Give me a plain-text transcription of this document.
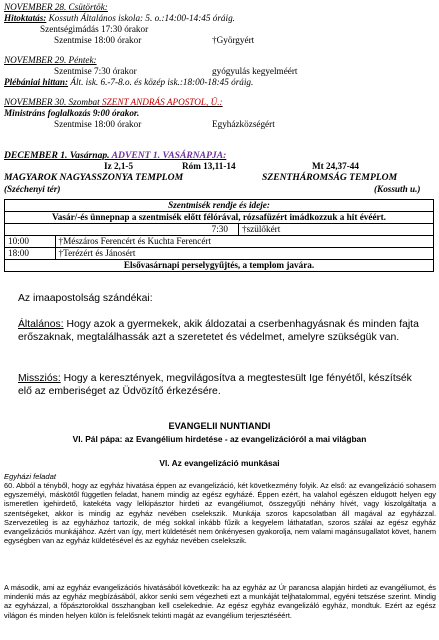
NOVEMBER 28. Csütörtök:
Hitoktatás: Kossuth Általános iskola: 5. o.:14:00-14:45 óráig.
Szentségimádás 17:30 órakor
Szentmise 18:00 órakor	†Györgyért
NOVEMBER 29. Péntek:
Szentmise 7:30 órakor	gyógyulás kegyelméért
Plébániai hittan: Ált. isk. 6.-7-8.o. és közép isk.:18:00-18:45 óráig.
NOVEMBER 30. Szombat SZENT ANDRÁS APOSTOL, Ü.:
Ministráns foglalkozás 9:00 órakor.
Szentmise 18:00 órakor	Egyházközségért
DECEMBER 1. Vasárnap. ADVENT 1. VASÁRNAPJA:
Iz 2,1-5	Róm 13,11-14	Mt 24,37-44
MAGYAROK NAGYASSZONYA TEMPLOM	SZENTHÁROMSÁG TEMPLOM
(Széchenyi tér)	(Kossuth u.)
Szentmisék rendje és ideje:		
Vasár/-és ünnepnap a szentmisék előtt félórával, rózsafüzért imádkozzuk a hit évéért.		
	7:30	†szülőkért
10:00	†Mészáros Ferencért és Kuchta Ferencért	
18:00	†Terézért és Jánosért	
Elsővasárnapi perselygyűjtés, a templom javára.		
Az imaapostolság szándékai:
Általános: Hogy azok a gyermekek, akik áldozatai a cserbenhagyásnak és minden fajta erőszaknak, megtalálhassák azt a szeretetet és védelmet, amelyre szükségük van.
Missziós: Hogy a keresztények, megvilágosítva a megtestesült Ige fényétől, készítsék elő az emberiséget az Üdvözítő érkezésére.
EVANGELII NUNTIANDI
VI. Pál pápa: az Evangélium hirdetése - az evangelizációról a mai világban
VI. Az evangelizáció munkásai
Egyházi feladat
60. Abból a tényből, hogy az egyház hivatása éppen az evangelizáció, két következmény folyik. Az első: az evangelizáció sohasem egyszemélyi, máskötől független feladat, hanem mindig az egész egyházé. Éppen ezért, ha valahol egészen eldugott helyen egy ismeretlen igehirdető, katekéta vagy lelkipásztor hirdeti az evangéliumot, összegyűjti néhány hívét, vagy kiszolgáltatja a szentségeket, akkor is mindig az egyház nevében cselekszik. Munkája szoros kapcsolatban áll magával az egyházzal. Szervezetileg is az egyházhoz tartozik, de még sokkal inkább fűzik a kegyelem láthatatlan, szoros szálai az egész egyház evangelizációs munkájához. Azért van így, mert küldetését nem önkényesen gyakorolja, nem valami magánsugallatot követ, hanem egységben van az egyház küldetésével és az egyház nevében cselekszik.
A második, ami az egyház evangelizációs hivatásából következik: ha az egyház az Úr parancsa alapján hirdeti az evangéliumot, és mindenki más az egyház megbízásából, akkor senki sem végezheti ezt a munkáját teljhatalommal, egyéni tetszése szerint. Mindig az egyházzal, a főpásztorokkal összhangban kell cselekednie. Az egész egyház evangelizáló egyház, mondtuk. Ezért az egész világon és minden helyen külön is felelősnek tekinti magát az evangélium terjesztéséért.
